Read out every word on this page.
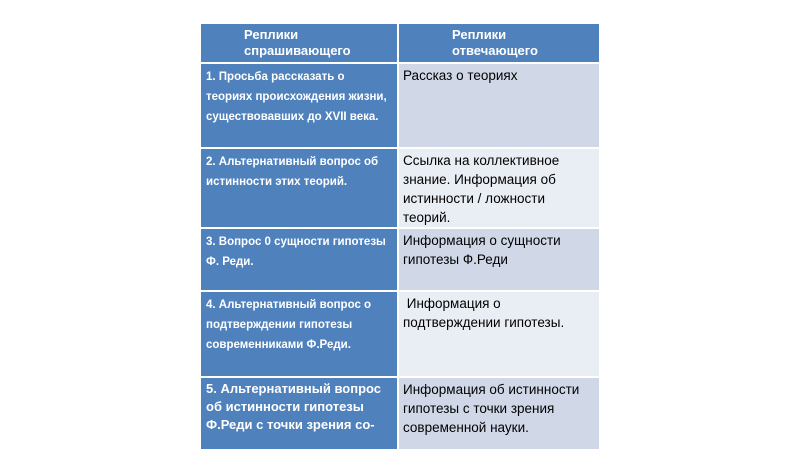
Реплики
спрашивающего	Реплики
отвечающего

1. Просьба рассказать о теориях происхождения жизни, существовавших до XVII века.	Рассказ о теориях

2. Альтернативный вопрос об истинности этих теорий.	Ссылка на коллективное знание. Информация об истинности / ложности теорий.

3. Вопрос 0 сущности гипотезы
Ф. Реди.	Информация о сущности гипотезы Ф.Реди

4. Альтернативный вопрос о подтверждении гипотезы современниками Ф.Реди.	Информация о подтверждении гипотезы.

5. Альтернативный вопрос об истинности гипотезы Ф.Реди с точки зрения со-	Информация об истинности гипотезы с точки зрения современной науки.
